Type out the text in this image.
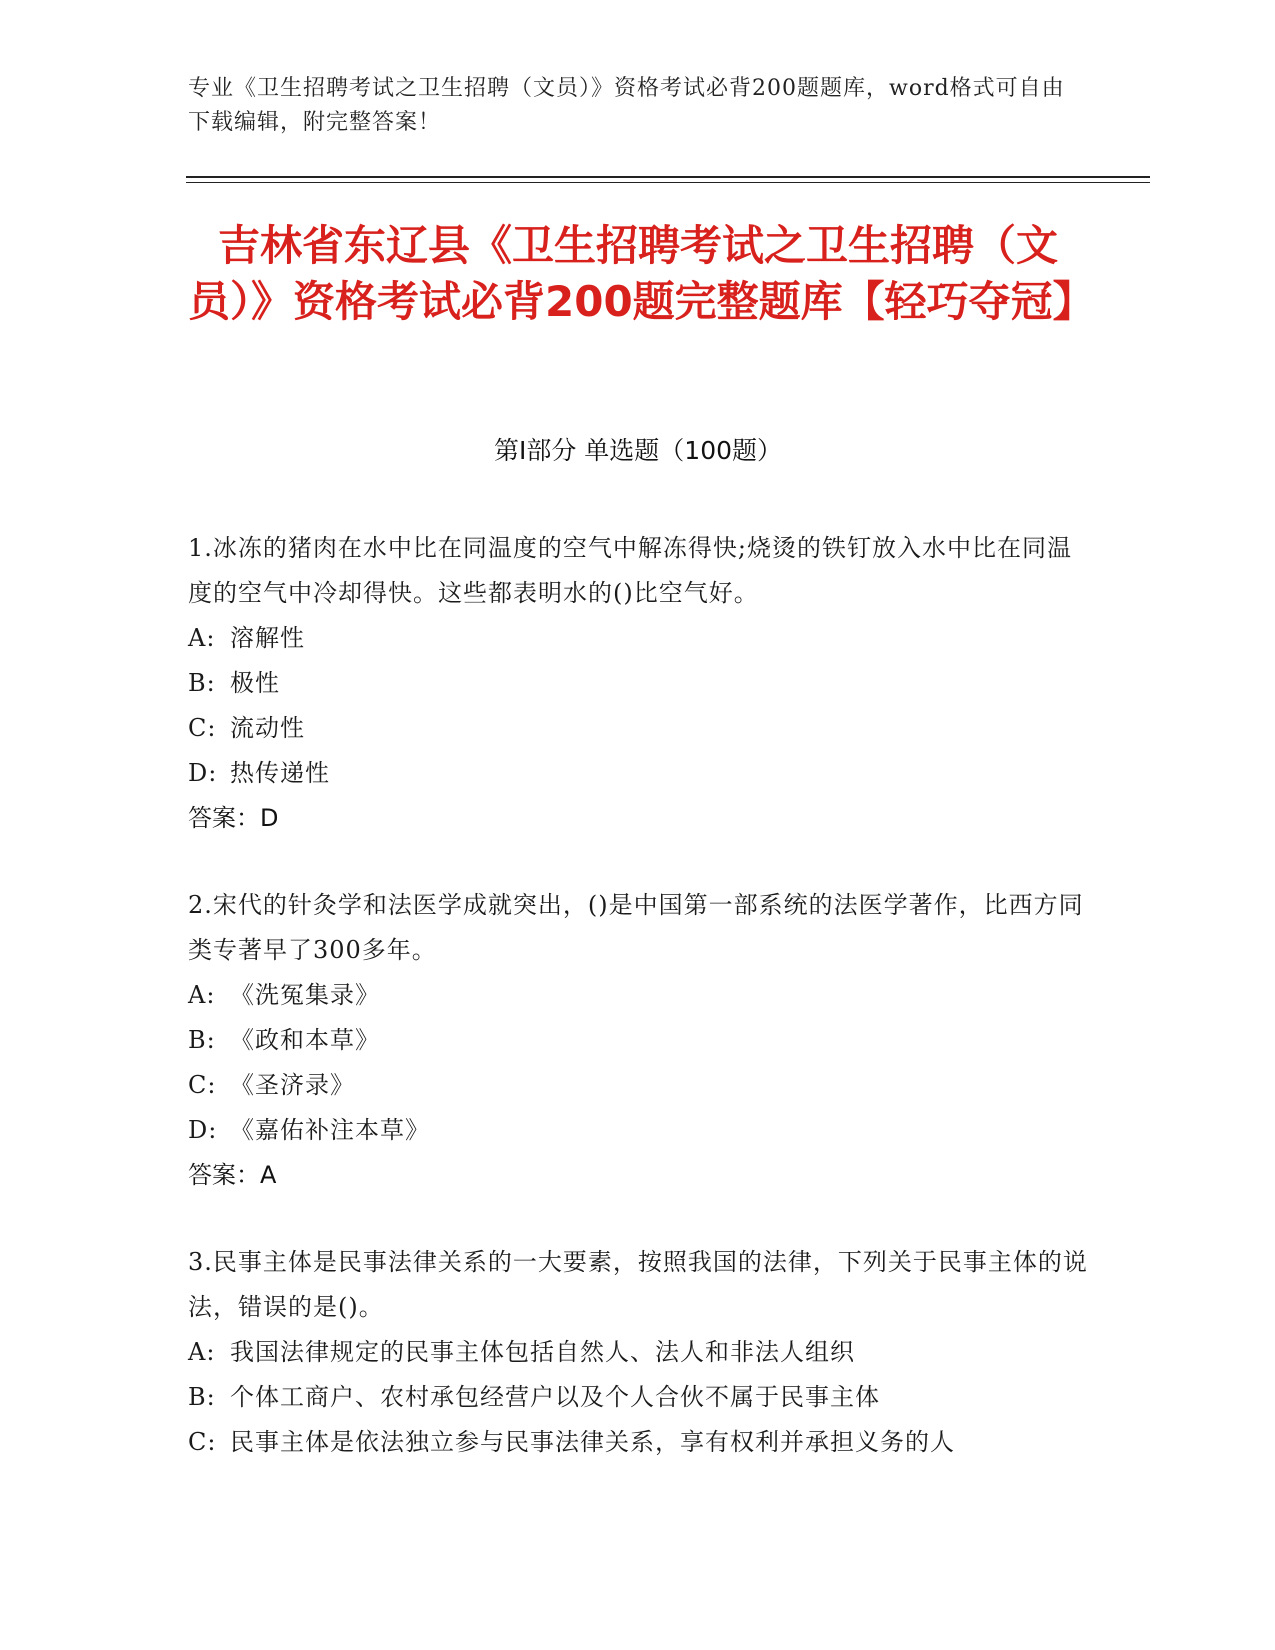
专业《卫生招聘考试之卫生招聘（文员）》资格考试必背200题题库，word格式可自由下载编辑，附完整答案！
吉林省东辽县《卫生招聘考试之卫生招聘（文员）》资格考试必背200题完整题库【轻巧夺冠】
第Ⅰ部分 单选题（100题）
1.冰冻的猪肉在水中比在同温度的空气中解冻得快;烧烫的铁钉放入水中比在同温度的空气中冷却得快。这些都表明水的()比空气好。
A: 溶解性
B: 极性
C: 流动性
D: 热传递性
答案：D
2.宋代的针灸学和法医学成就突出，()是中国第一部系统的法医学著作，比西方同类专著早了300多年。
A: 《洗冤集录》
B: 《政和本草》
C: 《圣济录》
D: 《嘉佑补注本草》
答案：A
3.民事主体是民事法律关系的一大要素，按照我国的法律，下列关于民事主体的说法，错误的是()。
A: 我国法律规定的民事主体包括自然人、法人和非法人组织
B: 个体工商户、农村承包经营户以及个人合伙不属于民事主体
C: 民事主体是依法独立参与民事法律关系，享有权利并承担义务的人
